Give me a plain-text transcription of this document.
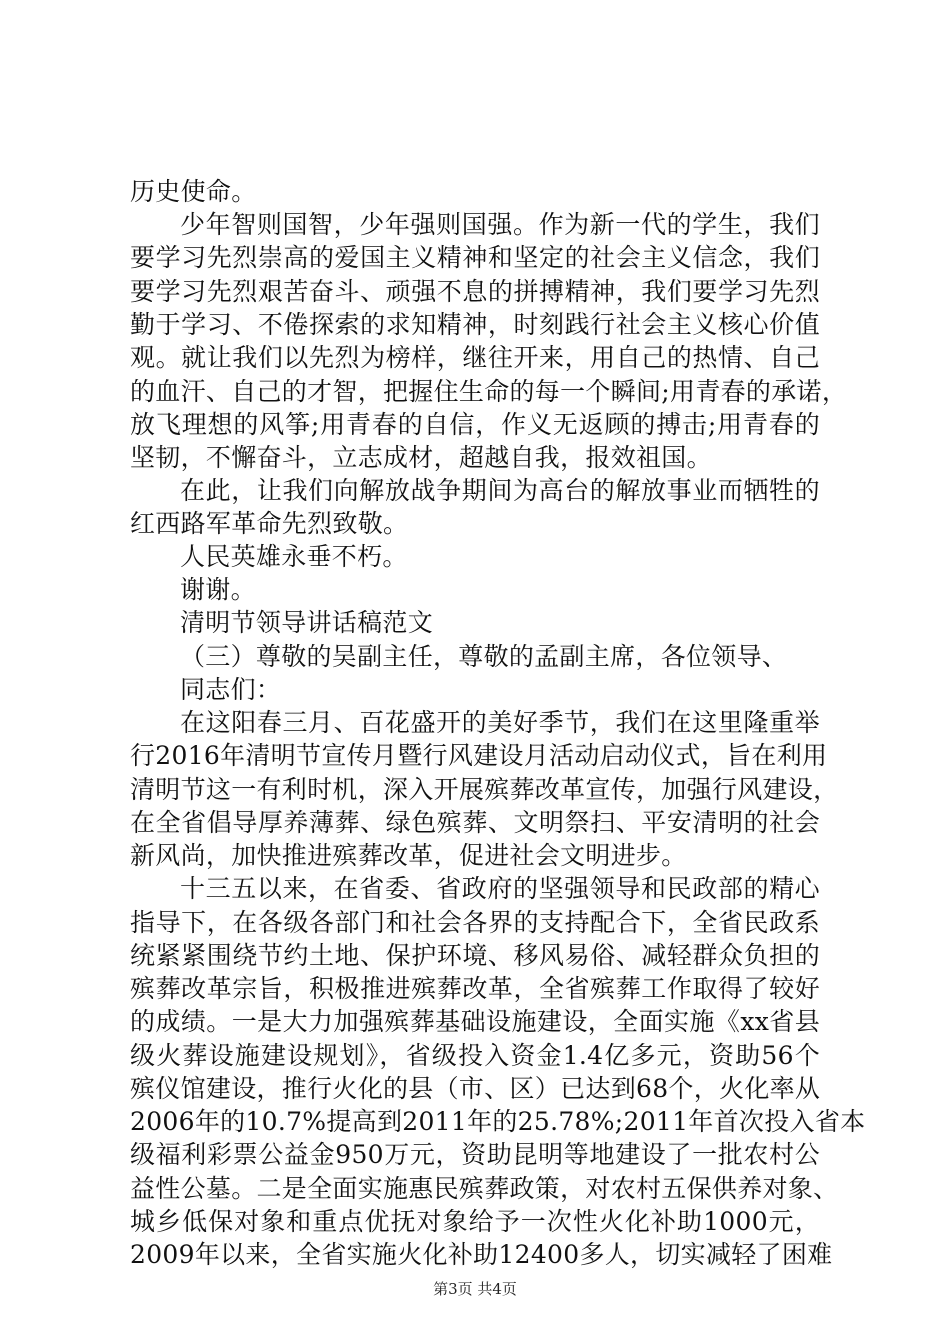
历史使命。
少年智则国智，少年强则国强。作为新一代的学生，我们
要学习先烈崇高的爱国主义精神和坚定的社会主义信念，我们
要学习先烈艰苦奋斗、顽强不息的拼搏精神，我们要学习先烈
勤于学习、不倦探索的求知精神，时刻践行社会主义核心价值
观。就让我们以先烈为榜样，继往开来，用自己的热情、自己
的血汗、自己的才智，把握住生命的每一个瞬间;用青春的承诺，
放飞理想的风筝;用青春的自信，作义无返顾的搏击;用青春的
坚韧，不懈奋斗，立志成材，超越自我，报效祖国。
在此，让我们向解放战争期间为高台的解放事业而牺牲的
红西路军革命先烈致敬。
人民英雄永垂不朽。
谢谢。
清明节领导讲话稿范文
（三）尊敬的吴副主任，尊敬的孟副主席，各位领导、
同志们：
在这阳春三月、百花盛开的美好季节，我们在这里隆重举
行2016年清明节宣传月暨行风建设月活动启动仪式，旨在利用
清明节这一有利时机，深入开展殡葬改革宣传，加强行风建设，
在全省倡导厚养薄葬、绿色殡葬、文明祭扫、平安清明的社会
新风尚，加快推进殡葬改革，促进社会文明进步。
十三五以来，在省委、省政府的坚强领导和民政部的精心
指导下，在各级各部门和社会各界的支持配合下，全省民政系
统紧紧围绕节约土地、保护环境、移风易俗、减轻群众负担的
殡葬改革宗旨，积极推进殡葬改革，全省殡葬工作取得了较好
的成绩。一是大力加强殡葬基础设施建设，全面实施《xx省县
级火葬设施建设规划》，省级投入资金1.4亿多元，资助56个
殡仪馆建设，推行火化的县（市、区）已达到68个，火化率从
2006年的10.7%提高到2011年的25.78%;2011年首次投入省本
级福利彩票公益金950万元，资助昆明等地建设了一批农村公
益性公墓。二是全面实施惠民殡葬政策，对农村五保供养对象、
城乡低保对象和重点优抚对象给予一次性火化补助1000元，
2009年以来，全省实施火化补助12400多人，切实减轻了困难
第3页 共4页
